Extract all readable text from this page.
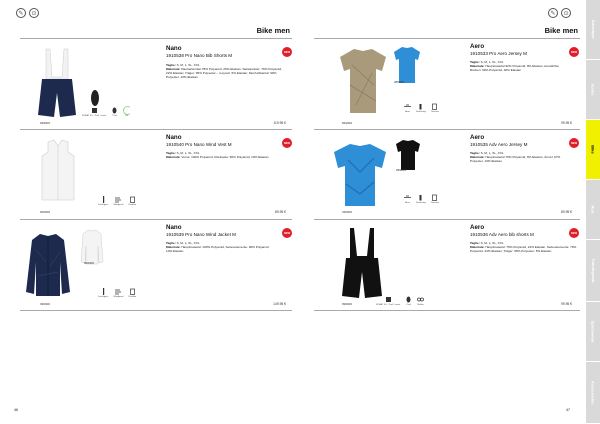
✎	⊙
Bike men
Nano
1910538 Pro Nano Bib Shorts M
Taglie: S, M, L, XL, XXL
Materiale: Rauheitsmittel 78% Polyamid, 26% Elastan, Sattelpolster: 76% Polyamid, 22% Elastan; Träger: 95% Polyester – recycelt, 5% Elastan; Mesh-Material: 90% Polyester, 10% Elastan
NEW
SPRAY 3.0 · Pad · Insert	Pad	Fit
999000	119.95 €
Nano
1910540 Pro Nano Wind Vest M
Taglie: S, M, L, XL, XXL
Materiale: Vorne: 100% Polyamid, Rückseite: 90% Polyamid, 10% Elastan
NEW
Leichtgew. Windproof Packbar
900000	89.95 €
Nano
1910539 Pro Nano Wind Jacket M
Taglie: S, M, L, XL, XXL
Materiale: Hauptmaterial: 100% Polyamid, Seitenelemente: 90% Polyamid, 10% Elastan
NEW
900000
Leichtgew. Windproof Packbar
396000	149.95 €
46
✎	⊙
Bike men
Aero
1910533 Pro Aero Jersey M
Taglie: S, M, L, XL, XXL
Materiale: Hauptmaterial 92% Polyamid, 8% Elastan, Aerodichte Rücken: 60% Polyamid, 40% Elastan
NEW
385000
Aero	Sicherung Taschen
849000	99.95 €
Aero
1910535 Adv Aero Jersey M
Taglie: S, M, L, XL, XXL
Materiale: Hauptmaterial 76% Polyamid, 6% Elastan, Ärmel: 67% Polyester, 13% Elastan
NEW
999000
Aero	Sicherung Taschen
336000	89.95 €
Aero
1910536 Adv Aero bib shorts M
Taglie: S, M, L, XL, XXL
Materiale: Hauptmaterial: 76% Polyamid, 24% Elastan, Seitenelemente: 76% Polyamid, 24% Elastan; Träger: 95% Polyester, 5% Elastan
NEW
SPRAY 3.0 · Pad · Insert	Pad	Reflex
999000	99.95 €
47
Baselayer
Socks
Bike
Run
Trainingwear
Sportswear
Accessories
